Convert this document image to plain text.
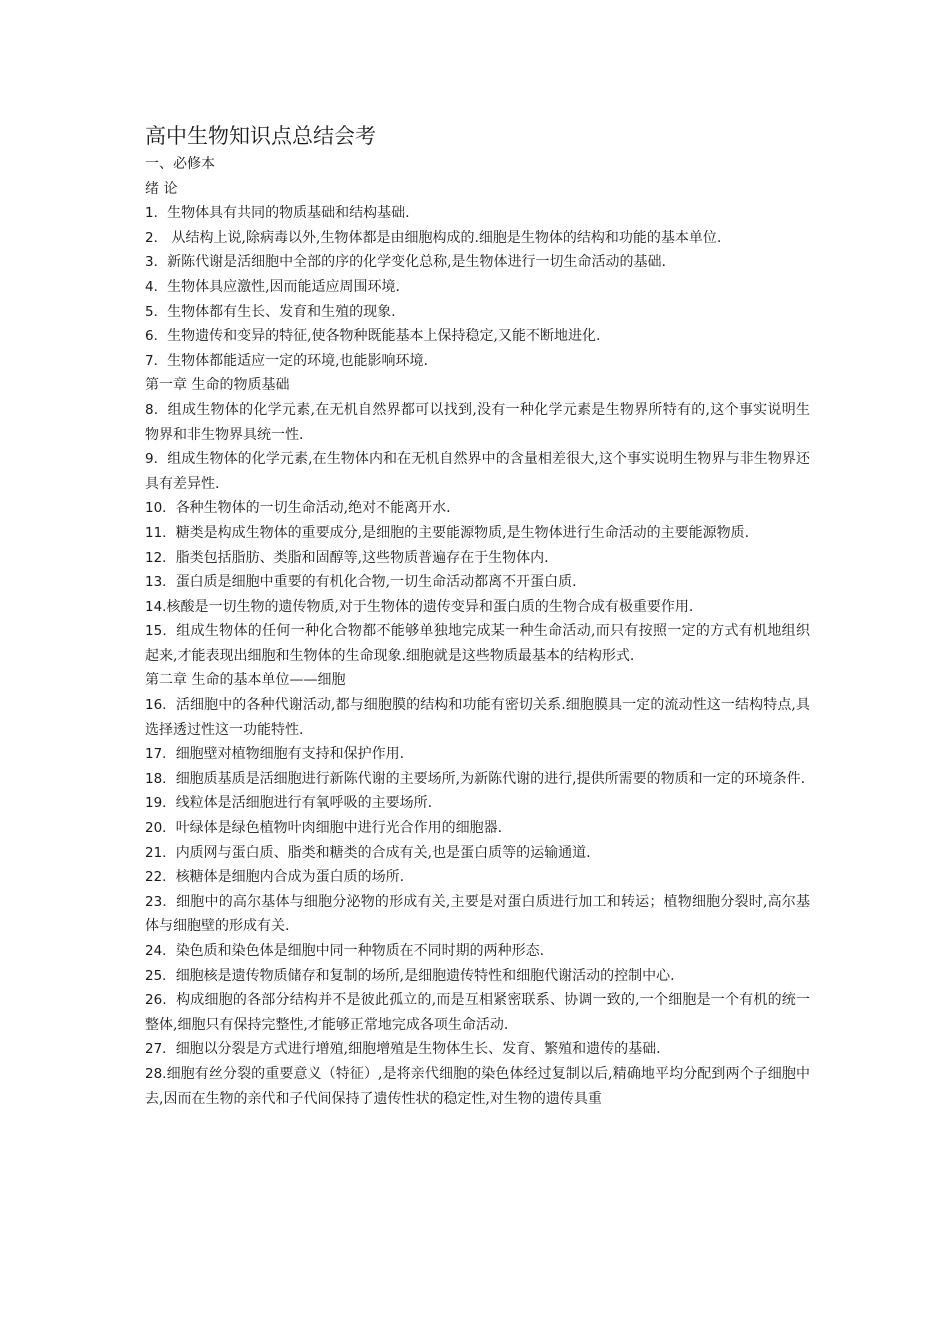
高中生物知识点总结会考

一、必修本

绪 论

1．生物体具有共同的物质基础和结构基础.

2． 从结构上说,除病毒以外,生物体都是由细胞构成的.细胞是生物体的结构和功能的基本单位.

3．新陈代谢是活细胞中全部的序的化学变化总称,是生物体进行一切生命活动的基础.

4．生物体具应激性,因而能适应周围环境.

5．生物体都有生长、发育和生殖的现象.

6．生物遗传和变异的特征,使各物种既能基本上保持稳定,又能不断地进化.

7．生物体都能适应一定的环境,也能影响环境.

第一章 生命的物质基础

8．组成生物体的化学元素,在无机自然界都可以找到,没有一种化学元素是生物界所特有的,这个事实说明生物界和非生物界具统一性.

9．组成生物体的化学元素,在生物体内和在无机自然界中的含量相差很大,这个事实说明生物界与非生物界还具有差异性.

10．各种生物体的一切生命活动,绝对不能离开水.

11．糖类是构成生物体的重要成分,是细胞的主要能源物质,是生物体进行生命活动的主要能源物质.

12．脂类包括脂肪、类脂和固醇等,这些物质普遍存在于生物体内.

13．蛋白质是细胞中重要的有机化合物,一切生命活动都离不开蛋白质.

14.核酸是一切生物的遗传物质,对于生物体的遗传变异和蛋白质的生物合成有极重要作用.

15．组成生物体的任何一种化合物都不能够单独地完成某一种生命活动,而只有按照一定的方式有机地组织起来,才能表现出细胞和生物体的生命现象.细胞就是这些物质最基本的结构形式.

第二章 生命的基本单位——细胞

16．活细胞中的各种代谢活动,都与细胞膜的结构和功能有密切关系.细胞膜具一定的流动性这一结构特点,具选择透过性这一功能特性.

17．细胞壁对植物细胞有支持和保护作用.

18．细胞质基质是活细胞进行新陈代谢的主要场所,为新陈代谢的进行,提供所需要的物质和一定的环境条件.

19．线粒体是活细胞进行有氧呼吸的主要场所.

20．叶绿体是绿色植物叶肉细胞中进行光合作用的细胞器.

21．内质网与蛋白质、脂类和糖类的合成有关,也是蛋白质等的运输通道.

22．核糖体是细胞内合成为蛋白质的场所.

23．细胞中的高尔基体与细胞分泌物的形成有关,主要是对蛋白质进行加工和转运；植物细胞分裂时,高尔基体与细胞壁的形成有关.

24．染色质和染色体是细胞中同一种物质在不同时期的两种形态.

25．细胞核是遗传物质储存和复制的场所,是细胞遗传特性和细胞代谢活动的控制中心.

26．构成细胞的各部分结构并不是彼此孤立的,而是互相紧密联系、协调一致的,一个细胞是一个有机的统一整体,细胞只有保持完整性,才能够正常地完成各项生命活动.

27．细胞以分裂是方式进行增殖,细胞增殖是生物体生长、发育、繁殖和遗传的基础.

28.细胞有丝分裂的重要意义（特征）,是将亲代细胞的染色体经过复制以后,精确地平均分配到两个子细胞中去,因而在生物的亲代和子代间保持了遗传性状的稳定性,对生物的遗传具重
